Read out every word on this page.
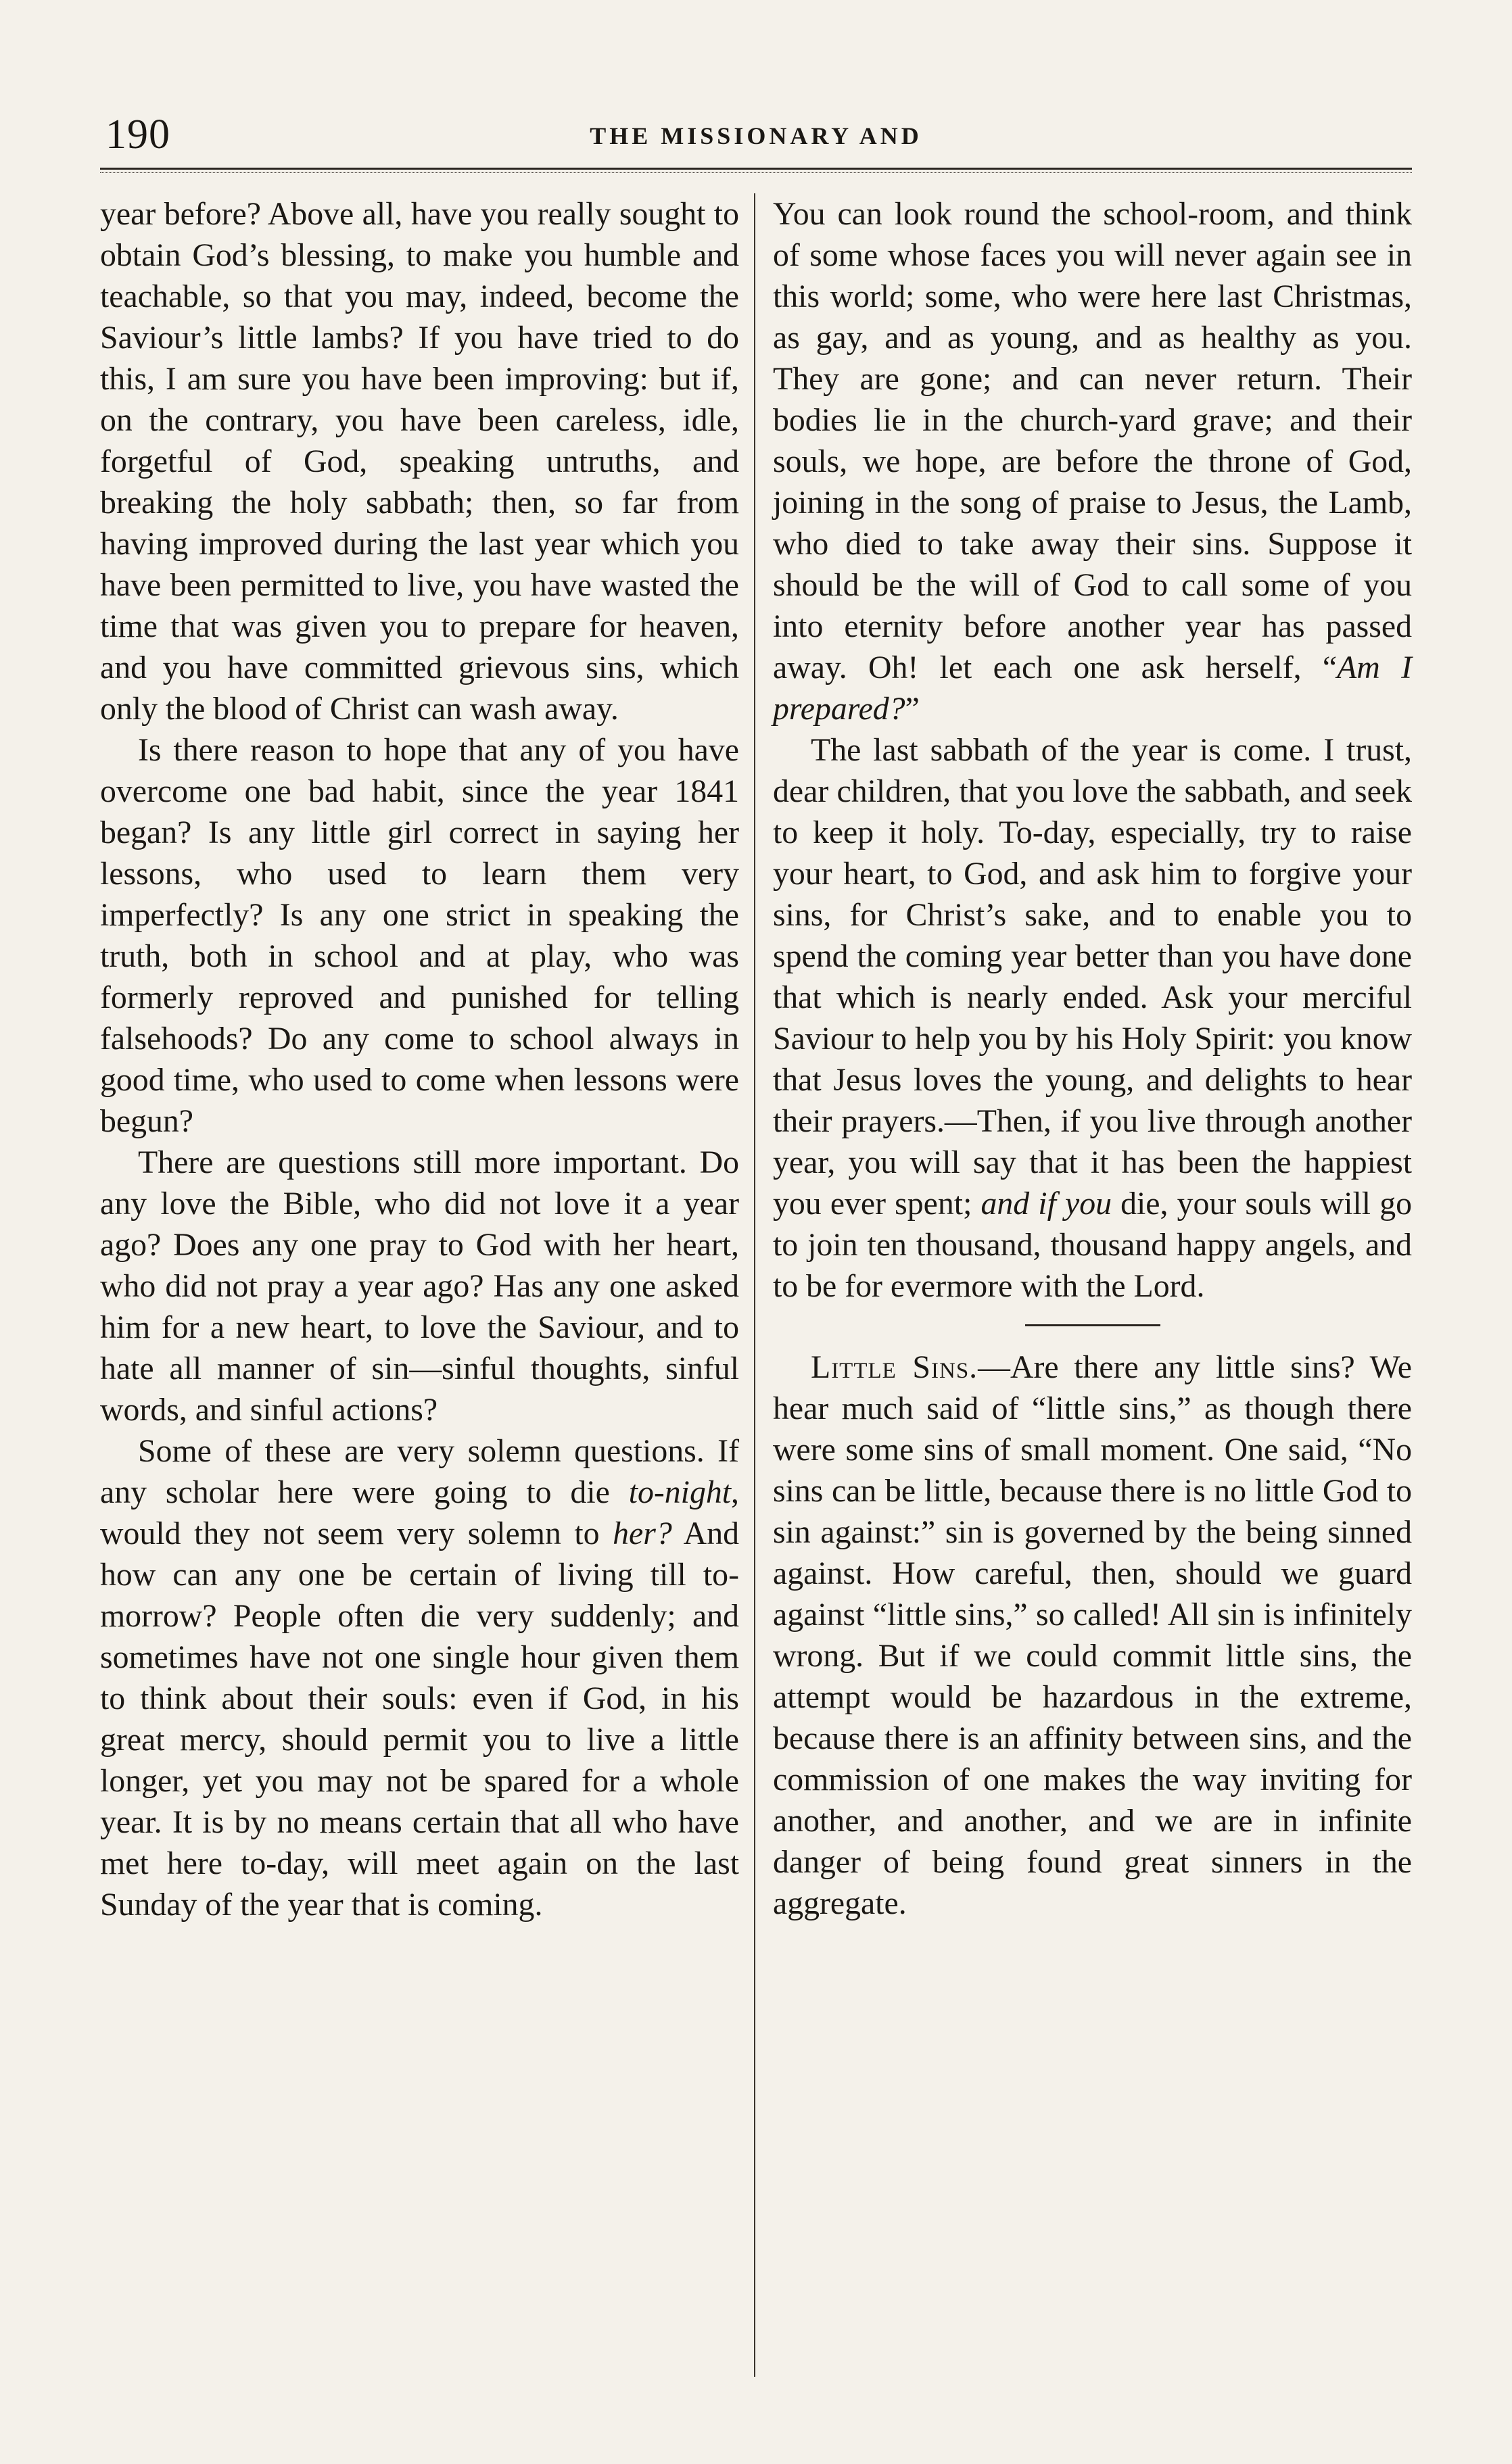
190	THE MISSIONARY AND

year before? Above all, have you really sought to obtain God’s blessing, to make you humble and teachable, so that you may, indeed, become the Saviour’s little lambs? If you have tried to do this, I am sure you have been improving: but if, on the contrary, you have been careless, idle, forgetful of God, speaking untruths, and breaking the holy sabbath; then, so far from having improved during the last year which you have been permitted to live, you have wasted the time that was given you to prepare for heaven, and you have committed grievous sins, which only the blood of Christ can wash away.

Is there reason to hope that any of you have overcome one bad habit, since the year 1841 began? Is any little girl correct in saying her lessons, who used to learn them very imperfectly? Is any one strict in speaking the truth, both in school and at play, who was formerly reproved and punished for telling falsehoods? Do any come to school always in good time, who used to come when lessons were begun?

There are questions still more important. Do any love the Bible, who did not love it a year ago? Does any one pray to God with her heart, who did not pray a year ago? Has any one asked him for a new heart, to love the Saviour, and to hate all manner of sin—sinful thoughts, sinful words, and sinful actions?

Some of these are very solemn questions. If any scholar here were going to die to-night, would they not seem very solemn to her? And how can any one be certain of living till to-morrow? People often die very suddenly; and sometimes have not one single hour given them to think about their souls: even if God, in his great mercy, should permit you to live a little longer, yet you may not be spared for a whole year. It is by no means certain that all who have met here to-day, will meet again on the last Sunday of the year that is coming.

You can look round the school-room, and think of some whose faces you will never again see in this world; some, who were here last Christmas, as gay, and as young, and as healthy as you. They are gone; and can never return. Their bodies lie in the church-yard grave; and their souls, we hope, are before the throne of God, joining in the song of praise to Jesus, the Lamb, who died to take away their sins. Suppose it should be the will of God to call some of you into eternity before another year has passed away. Oh! let each one ask herself, “Am I prepared?”

The last sabbath of the year is come. I trust, dear children, that you love the sabbath, and seek to keep it holy. To-day, especially, try to raise your heart, to God, and ask him to forgive your sins, for Christ’s sake, and to enable you to spend the coming year better than you have done that which is nearly ended. Ask your merciful Saviour to help you by his Holy Spirit: you know that Jesus loves the young, and delights to hear their prayers.—Then, if you live through another year, you will say that it has been the happiest you ever spent; and if you die, your souls will go to join ten thousand, thousand happy angels, and to be for evermore with the Lord.

Little Sins.—Are there any little sins? We hear much said of “little sins,” as though there were some sins of small moment. One said, “No sins can be little, because there is no little God to sin against:” sin is governed by the being sinned against. How careful, then, should we guard against “little sins,” so called! All sin is infinitely wrong. But if we could commit little sins, the attempt would be hazardous in the extreme, because there is an affinity between sins, and the commission of one makes the way inviting for another, and another, and we are in infinite danger of being found great sinners in the aggregate.
